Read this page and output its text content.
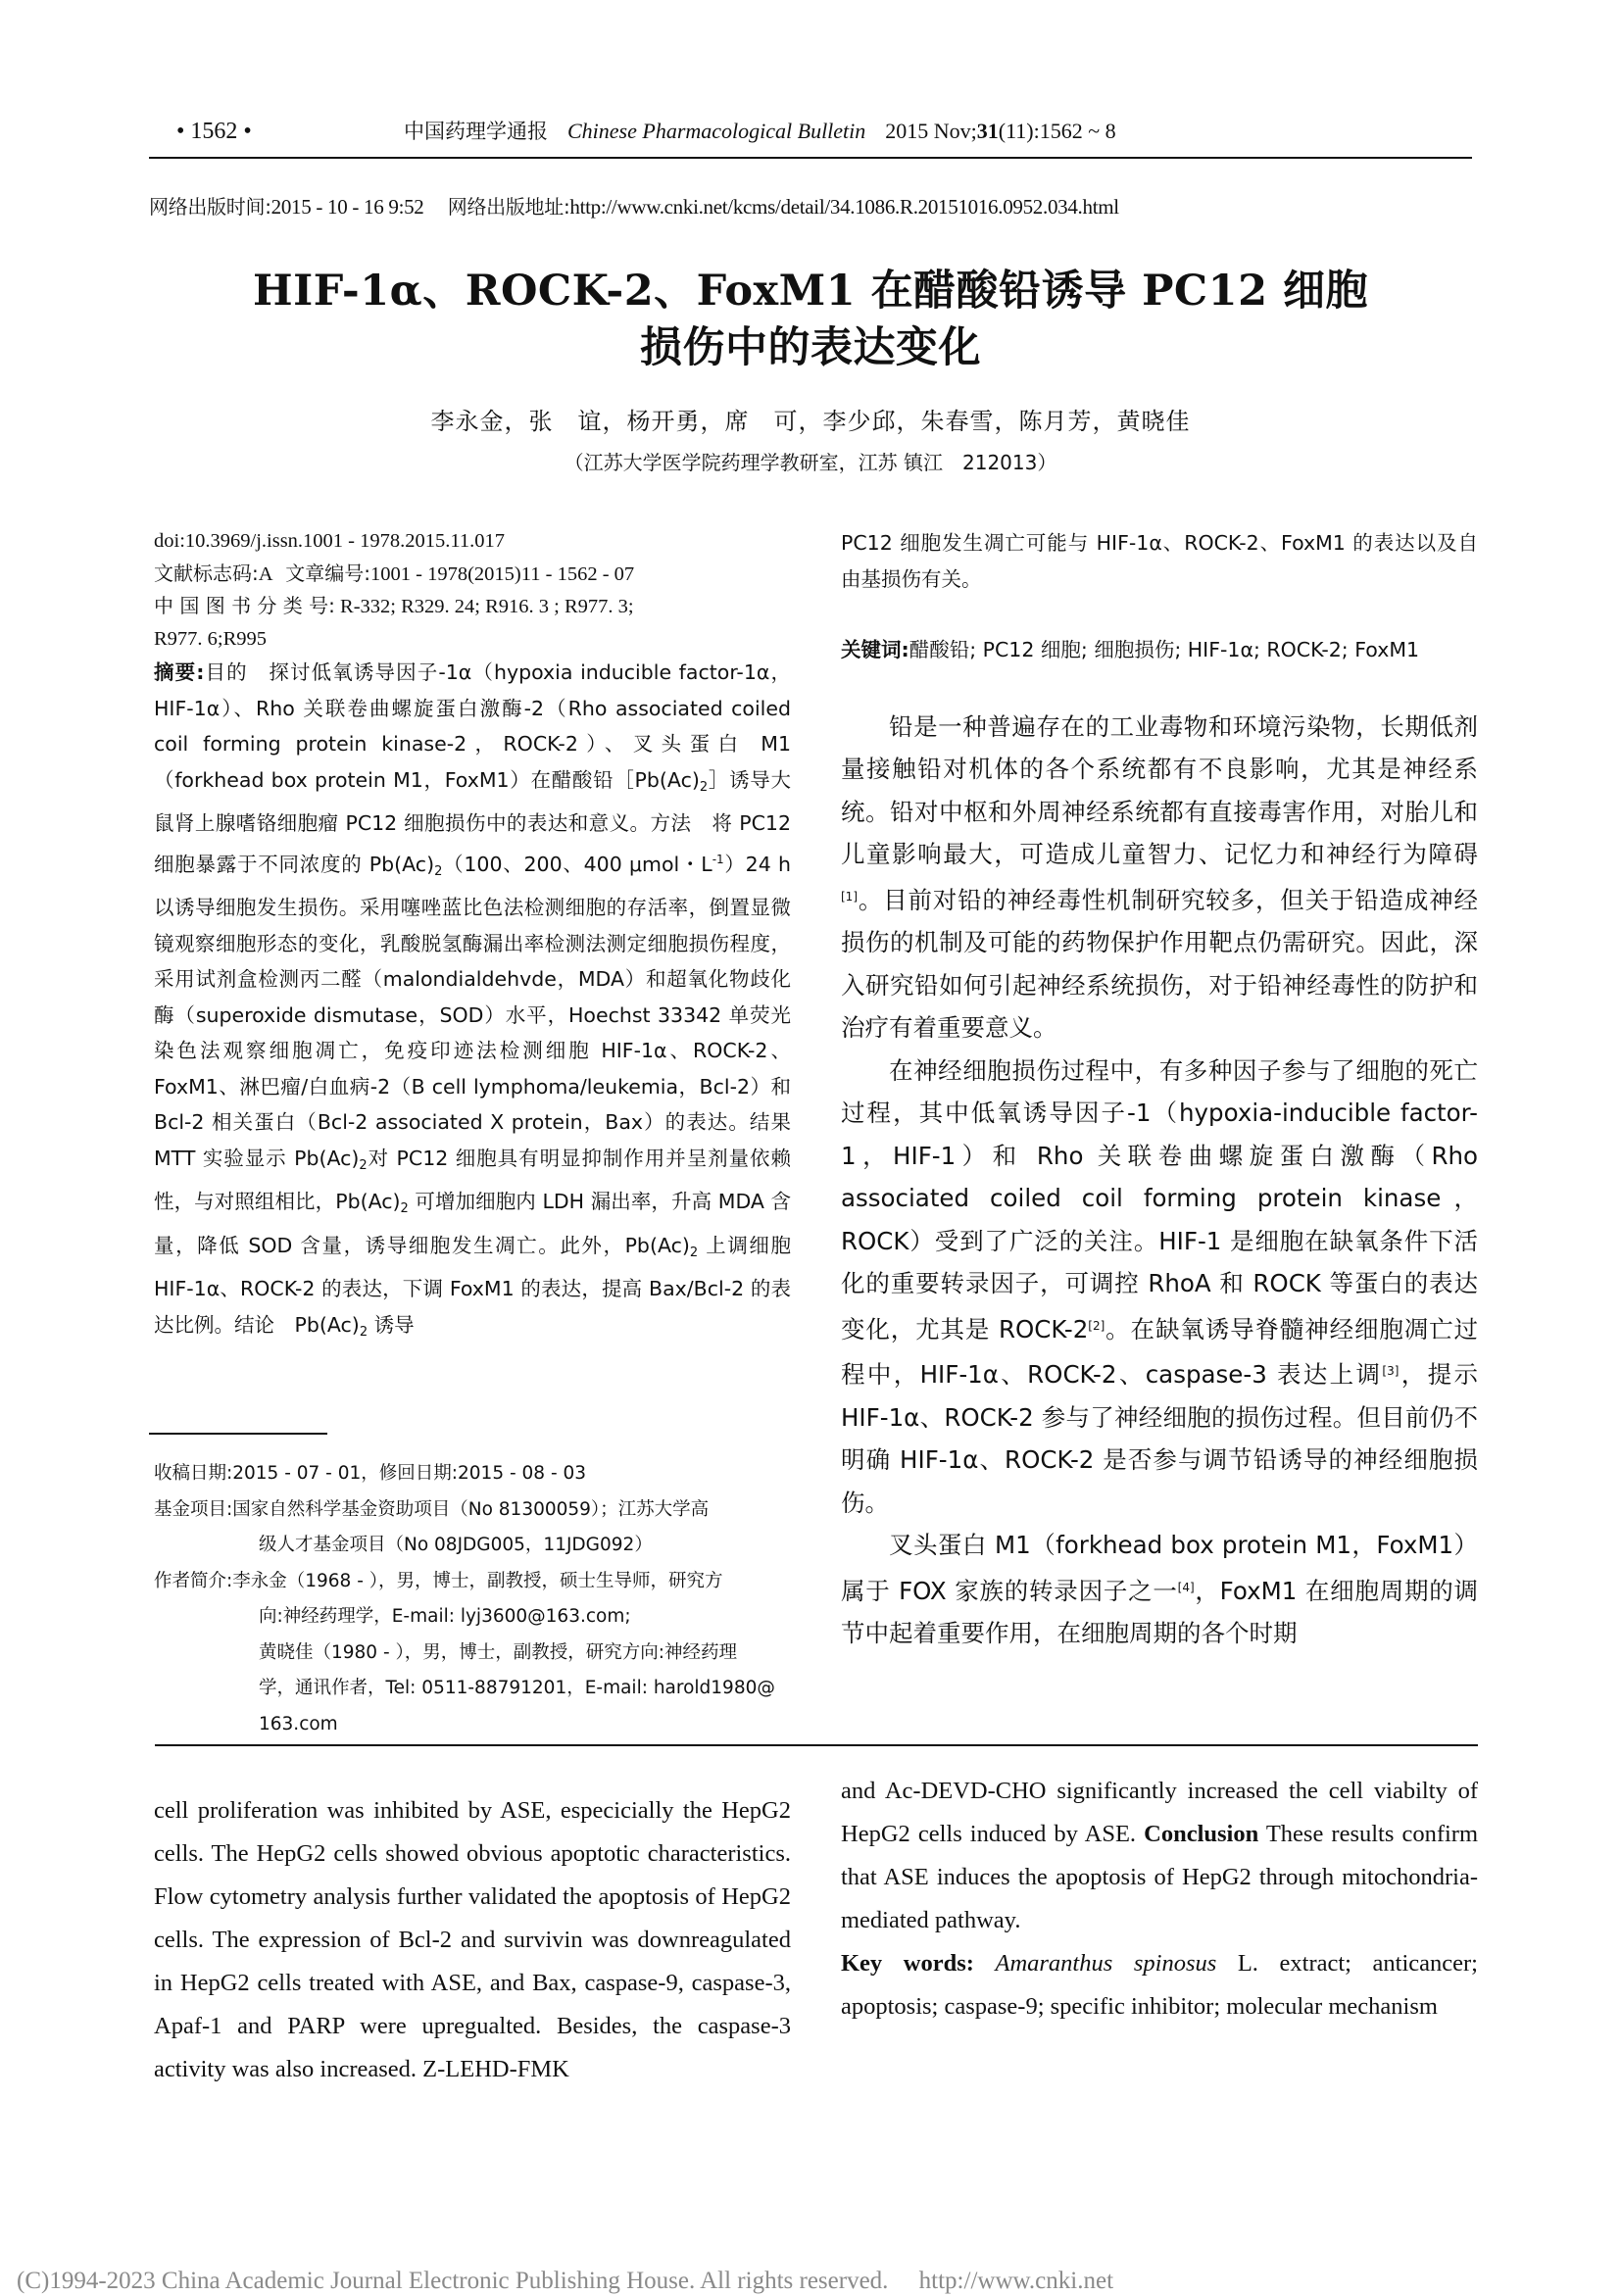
• 1562 •	中国药理学通报 Chinese Pharmacological Bulletin 2015 Nov;31(11):1562 ~ 8
网络出版时间:2015 - 10 - 16 9:52 网络出版地址:http://www.cnki.net/kcms/detail/34.1086.R.20151016.0952.034.html
HIF-1α、ROCK-2、FoxM1 在醋酸铅诱导 PC12 细胞
损伤中的表达变化
李永金，张　谊，杨开勇，席　可，李少邱，朱春雪，陈月芳，黄晓佳
（江苏大学医学院药理学教研室，江苏 镇江　212013）
doi:10.3969/j.issn.1001 - 1978.2015.11.017
文献标志码:A 文章编号:1001 - 1978(2015)11 - 1562 - 07
中 国 图 书 分 类 号: R-332; R329. 24; R916. 3 ; R977. 3;
R977. 6;R995
摘要:目的　探讨低氧诱导因子-1α（hypoxia inducible factor-1α，HIF-1α）、Rho 关联卷曲螺旋蛋白激酶-2（Rho associated coiled coil forming protein kinase-2，ROCK-2）、叉头蛋白 M1（forkhead box protein M1，FoxM1）在醋酸铅$[Pb(Ac)_2]$诱导大鼠肾上腺嗜铬细胞瘤 PC12 细胞损伤中的表达和意义。方法　将 PC12 细胞暴露于不同浓度的 $Pb(Ac)_2(100$、200、400 μmol・$L^{-1})24$ h 以诱导细胞发生损伤。采用噻唑蓝比色法检测细胞的存活率，倒置显微镜观察细胞形态的变化，乳酸脱氢酶漏出率检测法测定细胞损伤程度，采用试剂盒检测丙二醛（malondialdehvde，MDA）和超氧化物歧化酶（superoxide dismutase，SOD）水平，Hoechst 33342 单荧光染色法观察细胞凋亡，免疫印迹法检测细胞 HIF-1α、ROCK-2、FoxM1、淋巴瘤/白血病-2（B cell lymphoma/leukemia，Bcl-2）和 Bcl-2 相关蛋白（Bcl-2 associated X protein，Bax）的表达。结果　MTT 实验显示 $Pb(Ac)_2$对 PC12 细胞具有明显抑制作用并呈剂量依赖性，与对照组相比，$Pb(Ac)_2$ 可增加细胞内 LDH 漏出率，升高 MDA 含量，降低 SOD 含量，诱导细胞发生凋亡。此外，$Pb(Ac)_2$ 上调细胞 HIF-1α、ROCK-2 的表达，下调 FoxM1 的表达，提高 Bax/Bcl-2 的表达比例。结论　$Pb(Ac)_2$ 诱导
收稿日期:2015 - 07 - 01，修回日期:2015 - 08 - 03
基金项目:国家自然科学基金资助项目（No 81300059）；江苏大学高
级人才基金项目（No 08JDG005，11JDG092）
作者简介:李永金（1968 - ），男，博士，副教授，硕士生导师，研究方
向:神经药理学，E-mail: lyj3600@163.com;
黄晓佳（1980 - ），男，博士，副教授，研究方向:神经药理
学，通讯作者，Tel: 0511-88791201，E-mail: harold1980@
163.com
PC12 细胞发生凋亡可能与 HIF-1α、ROCK-2、FoxM1 的表达以及自由基损伤有关。
关键词:醋酸铅; PC12 细胞; 细胞损伤; HIF-1α; ROCK-2; FoxM1
铅是一种普遍存在的工业毒物和环境污染物，长期低剂量接触铅对机体的各个系统都有不良影响，尤其是神经系统。铅对中枢和外周神经系统都有直接毒害作用，对胎儿和儿童影响最大，可造成儿童智力、记忆力和神经行为障碍[1]。目前对铅的神经毒性机制研究较多，但关于铅造成神经损伤的机制及可能的药物保护作用靶点仍需研究。因此，深入研究铅如何引起神经系统损伤，对于铅神经毒性的防护和治疗有着重要意义。
在神经细胞损伤过程中，有多种因子参与了细胞的死亡过程，其中低氧诱导因子-1（hypoxia-inducible factor-1，HIF-1）和 Rho 关联卷曲螺旋蛋白激酶（Rho associated coiled coil forming protein kinase，ROCK）受到了广泛的关注。HIF-1 是细胞在缺氧条件下活化的重要转录因子，可调控 RhoA 和 ROCK 等蛋白的表达变化，尤其是 ROCK-2[2]。在缺氧诱导脊髓神经细胞凋亡过程中，HIF-1α、ROCK-2、caspase-3 表达上调[3]，提示 HIF-1α、ROCK-2 参与了神经细胞的损伤过程。但目前仍不明确 HIF-1α、ROCK-2 是否参与调节铅诱导的神经细胞损伤。
叉头蛋白 M1（forkhead box protein M1，FoxM1）属于 FOX 家族的转录因子之一[4]，FoxM1 在细胞周期的调节中起着重要作用，在细胞周期的各个时期
cell proliferation was inhibited by ASE, especicially the HepG2 cells. The HepG2 cells showed obvious apoptotic characteristics. Flow cytometry analysis further validated the apoptosis of HepG2 cells. The expression of Bcl-2 and survivin was downreagulated in HepG2 cells treated with ASE, and Bax, caspase-9, caspase-3, Apaf-1 and PARP were upregualted. Besides, the caspase-3 activity was also increased. Z-LEHD-FMK
and Ac-DEVD-CHO significantly increased the cell viabilty of HepG2 cells induced by ASE. Conclusion These results confirm that ASE induces the apoptosis of HepG2 through mitochondria-mediated pathway.
Key words: Amaranthus spinosus L. extract; anticancer; apoptosis; caspase-9; specific inhibitor; molecular mechanism
(C)1994-2023 China Academic Journal Electronic Publishing House. All rights reserved.　 http://www.cnki.net
